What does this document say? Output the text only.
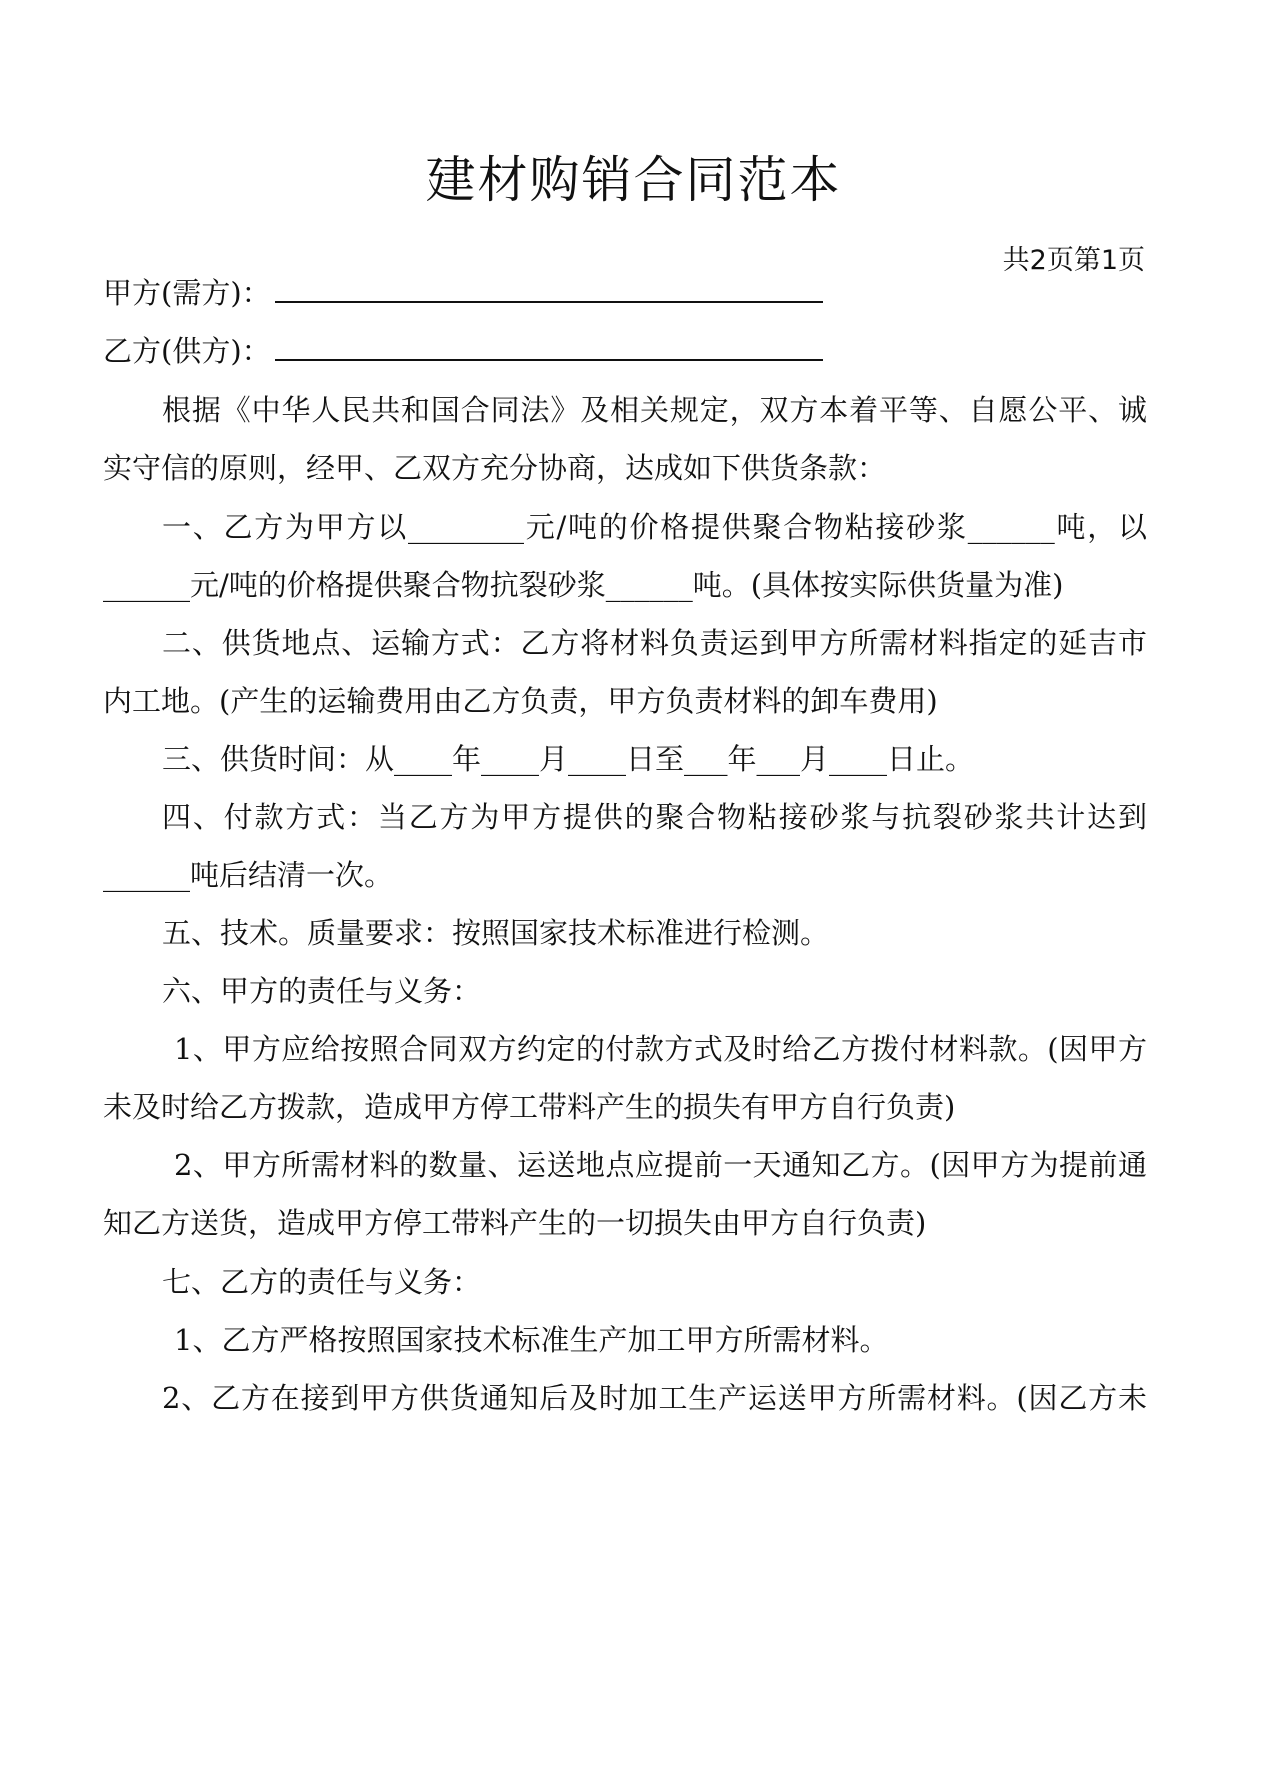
建材购销合同范本
共2页第1页
甲方(需方)：
乙方(供方)：
根据《中华人民共和国合同法》及相关规定，双方本着平等、自愿公平、诚
实守信的原则，经甲、乙双方充分协商，达成如下供货条款：
一、乙方为甲方以________元/吨的价格提供聚合物粘接砂浆______吨，以
______元/吨的价格提供聚合物抗裂砂浆______吨。(具体按实际供货量为准)
二、供货地点、运输方式：乙方将材料负责运到甲方所需材料指定的延吉市
内工地。(产生的运输费用由乙方负责，甲方负责材料的卸车费用)
三、供货时间：从____年____月____日至___年___月____日止。
四、付款方式：当乙方为甲方提供的聚合物粘接砂浆与抗裂砂浆共计达到
______吨后结清一次。
五、技术。质量要求：按照国家技术标准进行检测。
六、甲方的责任与义务：
1、甲方应给按照合同双方约定的付款方式及时给乙方拨付材料款。(因甲方
未及时给乙方拨款，造成甲方停工带料产生的损失有甲方自行负责)
2、甲方所需材料的数量、运送地点应提前一天通知乙方。(因甲方为提前通
知乙方送货，造成甲方停工带料产生的一切损失由甲方自行负责)
七、乙方的责任与义务：
1、乙方严格按照国家技术标准生产加工甲方所需材料。
2、乙方在接到甲方供货通知后及时加工生产运送甲方所需材料。(因乙方未
